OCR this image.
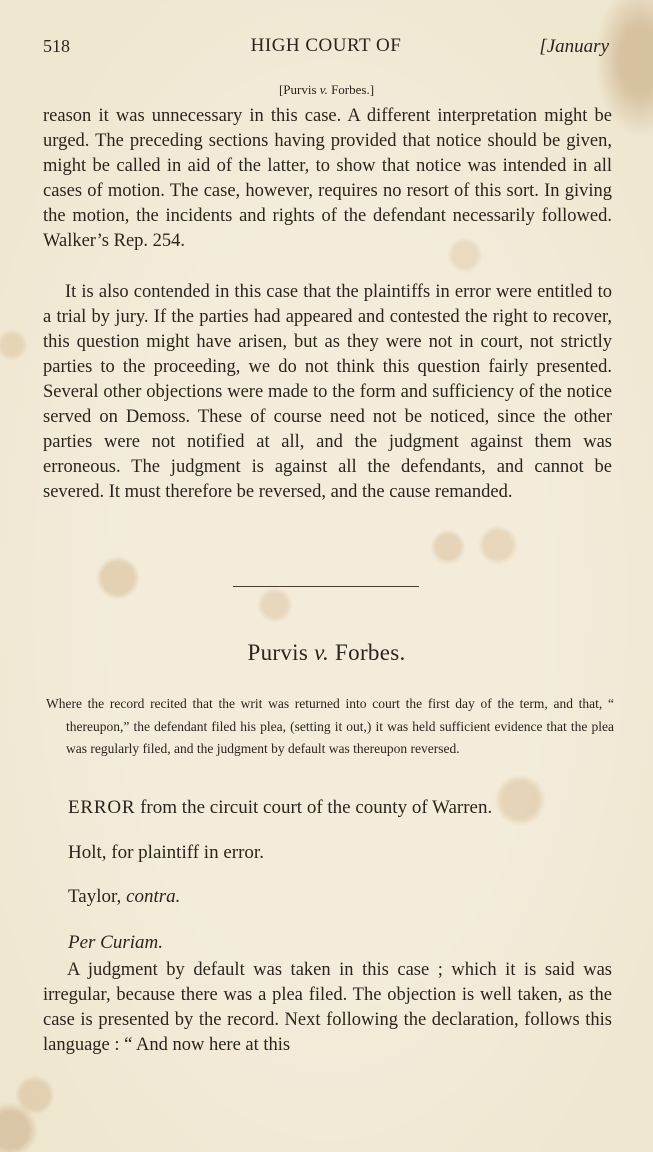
518	HIGH COURT OF	[January
[Purvis v. Forbes.]
reason it was unnecessary in this case. A different interpretation might be urged. The preceding sections having provided that notice should be given, might be called in aid of the latter, to show that notice was intended in all cases of motion. The case, however, requires no resort of this sort. In giving the motion, the incidents and rights of the defendant necessarily followed. Walker’s Rep. 254.

It is also contended in this case that the plaintiffs in error were entitled to a trial by jury. If the parties had appeared and contested the right to recover, this question might have arisen, but as they were not in court, not strictly parties to the proceeding, we do not think this question fairly presented. Several other objections were made to the form and sufficiency of the notice served on Demoss. These of course need not be noticed, since the other parties were not notified at all, and the judgment against them was erroneous. The judgment is against all the defendants, and cannot be severed. It must therefore be reversed, and the cause remanded.

Purvis v. Forbes.
Where the record recited that the writ was returned into court the first day of the term, and that, “ thereupon,” the defendant filed his plea, (setting it out,) it was held sufficient evidence that the plea was regularly filed, and the judgment by default was thereupon reversed.
ERROR from the circuit court of the county of Warren.
Holt, for plaintiff in error.
Taylor, contra.
Per Curiam.

A judgment by default was taken in this case ; which it is said was irregular, because there was a plea filed. The objection is well taken, as the case is presented by the record. Next following the declaration, follows this language : “ And now here at this
